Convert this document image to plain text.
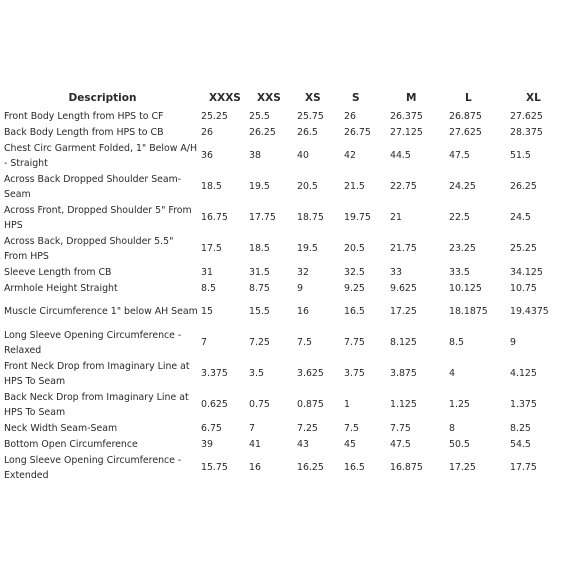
Description	XXXS	XXS	XS	S	M	L	XL
Front Body Length from HPS to CF	25.25	25.5	25.75	26	26.375	26.875	27.625
Back Body Length from HPS to CB	26	26.25	26.5	26.75	27.125	27.625	28.375
Chest Circ Garment Folded, 1" Below A/H - Straight	36	38	40	42	44.5	47.5	51.5
Across Back Dropped Shoulder Seam-Seam	18.5	19.5	20.5	21.5	22.75	24.25	26.25
Across Front, Dropped Shoulder 5" From HPS	16.75	17.75	18.75	19.75	21	22.5	24.5
Across Back, Dropped Shoulder 5.5" From HPS	17.5	18.5	19.5	20.5	21.75	23.25	25.25
Sleeve Length from CB	31	31.5	32	32.5	33	33.5	34.125
Armhole Height Straight	8.5	8.75	9	9.25	9.625	10.125	10.75
Muscle Circumference 1" below AH Seam	15	15.5	16	16.5	17.25	18.1875	19.4375
Long Sleeve Opening Circumference - Relaxed	7	7.25	7.5	7.75	8.125	8.5	9
Front Neck Drop from Imaginary Line at HPS To Seam	3.375	3.5	3.625	3.75	3.875	4	4.125
Back Neck Drop from Imaginary Line at HPS To Seam	0.625	0.75	0.875	1	1.125	1.25	1.375
Neck Width Seam-Seam	6.75	7	7.25	7.5	7.75	8	8.25
Bottom Open Circumference	39	41	43	45	47.5	50.5	54.5
Long Sleeve Opening Circumference - Extended	15.75	16	16.25	16.5	16.875	17.25	17.75
